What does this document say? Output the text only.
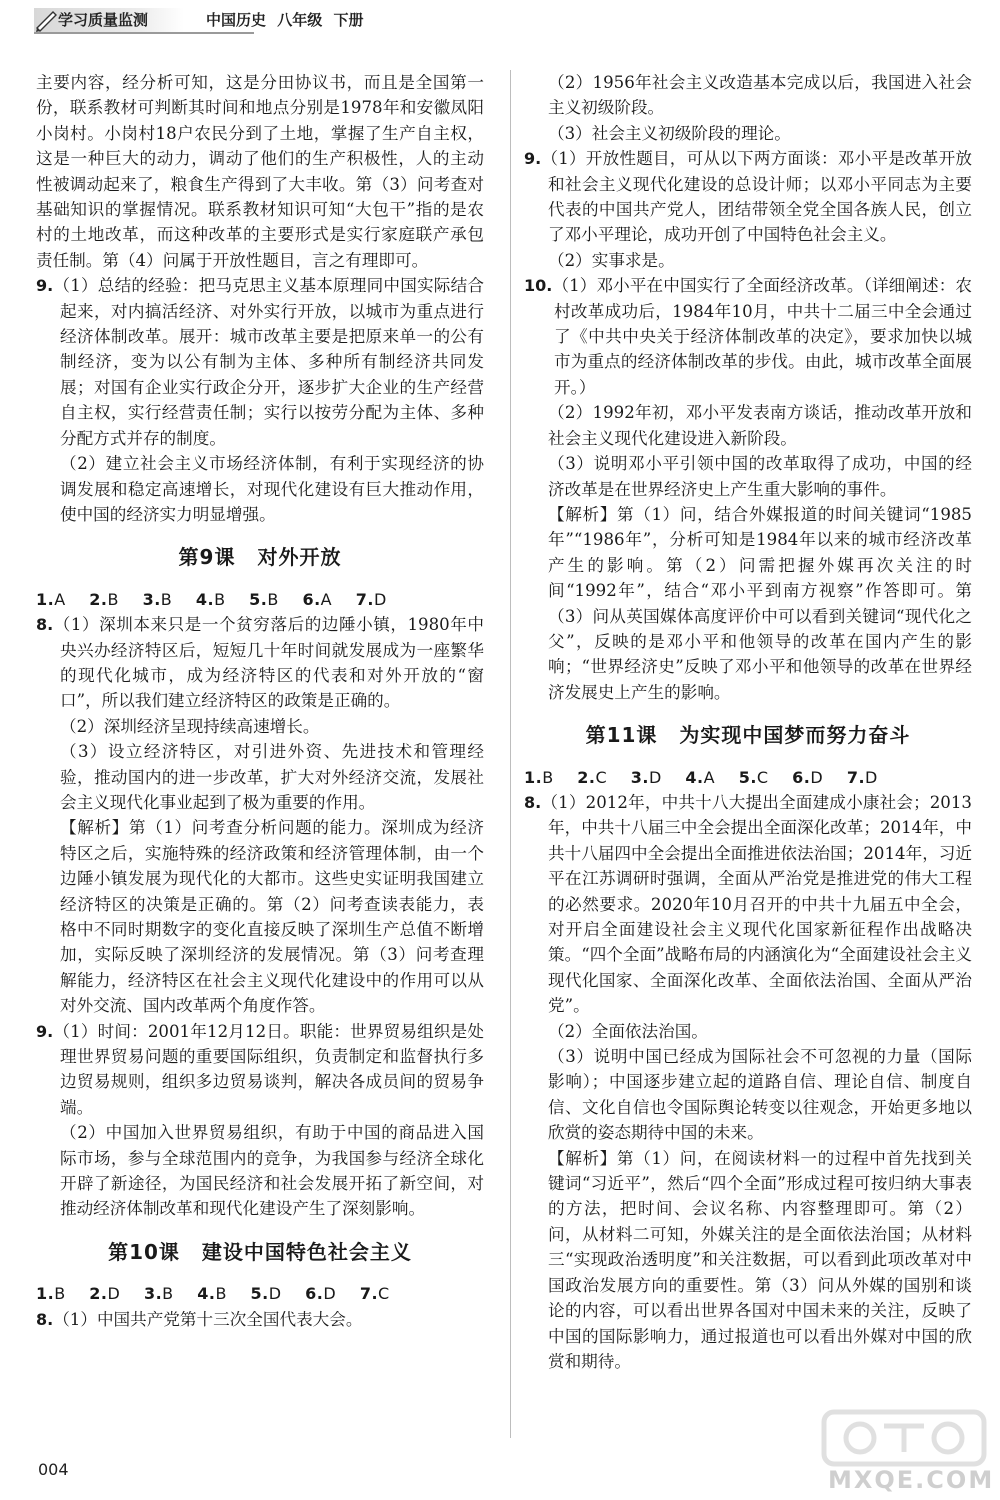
学习质量监测	中国历史 八年级 下册

主要内容，经分析可知，这是分田协议书，而且是全国第一份，联系教材可判断其时间和地点分别是1978年和安徽凤阳小岗村。小岗村18户农民分到了土地，掌握了生产自主权，这是一种巨大的动力，调动了他们的生产积极性，人的主动性被调动起来了，粮食生产得到了大丰收。第（3）问考查对基础知识的掌握情况。联系教材知识可知“大包干”指的是农村的土地改革，而这种改革的主要形式是实行家庭联产承包责任制。第（4）问属于开放性题目，言之有理即可。

9.（1）总结的经验：把马克思主义基本原理同中国实际结合起来，对内搞活经济、对外实行开放，以城市为重点进行经济体制改革。展开：城市改革主要是把原来单一的公有制经济，变为以公有制为主体、多种所有制经济共同发展；对国有企业实行政企分开，逐步扩大企业的生产经营自主权，实行经营责任制；实行以按劳分配为主体、多种分配方式并存的制度。

（2）建立社会主义市场经济体制，有利于实现经济的协调发展和稳定高速增长，对现代化建设有巨大推动作用，使中国的经济实力明显增强。

第9课 对外开放

1.A 2.B 3.B 4.B 5.B 6.A 7.D

8.（1）深圳本来只是一个贫穷落后的边陲小镇，1980年中央兴办经济特区后，短短几十年时间就发展成为一座繁华的现代化城市，成为经济特区的代表和对外开放的“窗口”，所以我们建立经济特区的政策是正确的。

（2）深圳经济呈现持续高速增长。

（3）设立经济特区，对引进外资、先进技术和管理经验，推动国内的进一步改革，扩大对外经济交流，发展社会主义现代化事业起到了极为重要的作用。

【解析】第（1）问考查分析问题的能力。深圳成为经济特区之后，实施特殊的经济政策和经济管理体制，由一个边陲小镇发展为现代化的大都市。这些史实证明我国建立经济特区的决策是正确的。第（2）问考查读表能力，表格中不同时期数字的变化直接反映了深圳生产总值不断增加，实际反映了深圳经济的发展情况。第（3）问考查理解能力，经济特区在社会主义现代化建设中的作用可以从对外交流、国内改革两个角度作答。

9.（1）时间：2001年12月12日。职能：世界贸易组织是处理世界贸易问题的重要国际组织，负责制定和监督执行多边贸易规则，组织多边贸易谈判，解决各成员间的贸易争端。

（2）中国加入世界贸易组织，有助于中国的商品进入国际市场，参与全球范围内的竞争，为我国参与经济全球化开辟了新途径，为国民经济和社会发展开拓了新空间，对推动经济体制改革和现代化建设产生了深刻影响。

第10课 建设中国特色社会主义

1.B 2.D 3.B 4.B 5.D 6.D 7.C

8.（1）中国共产党第十三次全国代表大会。

（2）1956年社会主义改造基本完成以后，我国进入社会主义初级阶段。

（3）社会主义初级阶段的理论。

9.（1）开放性题目，可从以下两方面谈：邓小平是改革开放和社会主义现代化建设的总设计师；以邓小平同志为主要代表的中国共产党人，团结带领全党全国各族人民，创立了邓小平理论，成功开创了中国特色社会主义。

（2）实事求是。

10.（1）邓小平在中国实行了全面经济改革。（详细阐述：农村改革成功后，1984年10月，中共十二届三中全会通过了《中共中央关于经济体制改革的决定》，要求加快以城市为重点的经济体制改革的步伐。由此，城市改革全面展开。）

（2）1992年初，邓小平发表南方谈话，推动改革开放和社会主义现代化建设进入新阶段。

（3）说明邓小平引领中国的改革取得了成功，中国的经济改革是在世界经济史上产生重大影响的事件。

【解析】第（1）问，结合外媒报道的时间关键词“1985年”“1986年”，分析可知是1984年以来的城市经济改革产生的影响。第（2）问需把握外媒再次关注的时间“1992年”，结合“邓小平到南方视察”作答即可。第（3）问从英国媒体高度评价中可以看到关键词“现代化之父”，反映的是邓小平和他领导的改革在国内产生的影响；“世界经济史”反映了邓小平和他领导的改革在世界经济发展史上产生的影响。

第11课 为实现中国梦而努力奋斗

1.B 2.C 3.D 4.A 5.C 6.D 7.D

8.（1）2012年，中共十八大提出全面建成小康社会；2013年，中共十八届三中全会提出全面深化改革；2014年，中共十八届四中全会提出全面推进依法治国；2014年，习近平在江苏调研时强调，全面从严治党是推进党的伟大工程的必然要求。2020年10月召开的中共十九届五中全会，对开启全面建设社会主义现代化国家新征程作出战略决策。“四个全面”战略布局的内涵演化为“全面建设社会主义现代化国家、全面深化改革、全面依法治国、全面从严治党”。

（2）全面依法治国。

（3）说明中国已经成为国际社会不可忽视的力量（国际影响）；中国逐步建立起的道路自信、理论自信、制度自信、文化自信也令国际舆论转变以往观念，开始更多地以欣赏的姿态期待中国的未来。

【解析】第（1）问，在阅读材料一的过程中首先找到关键词“习近平”，然后“四个全面”形成过程可按归纳大事表的方法，把时间、会议名称、内容整理即可。第（2）问，从材料二可知，外媒关注的是全面依法治国；从材料三“实现政治透明度”和关注数据，可以看到此项改革对中国政治发展方向的重要性。第（3）问从外媒的国别和谈论的内容，可以看出世界各国对中国未来的关注，反映了中国的国际影响力，通过报道也可以看出外媒对中国的欣赏和期待。

004	MXQE.COM
